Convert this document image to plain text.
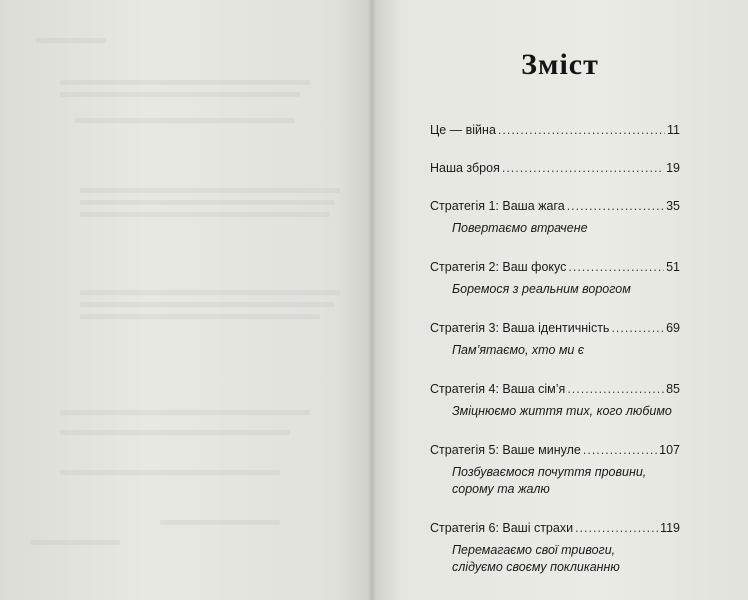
Зміст
Це — війна .....	11
Наша зброя .....	19
Стратегія 1: Ваша жага .....	35
Повертаємо втрачене
Стратегія 2: Ваш фокус .....	51
Боремося з реальним ворогом
Стратегія 3: Ваша ідентичність .....	69
Пам’ятаємо, хто ми є
Стратегія 4: Ваша сім’я .....	85
Зміцнюємо життя тих, кого любимо
Стратегія 5: Ваше минуле .....	107
Позбуваємося почуття провини,
сорому та жалю
Стратегія 6: Ваші страхи .....	119
Перемагаємо свої тривоги,
слідуємо своєму покликанню
